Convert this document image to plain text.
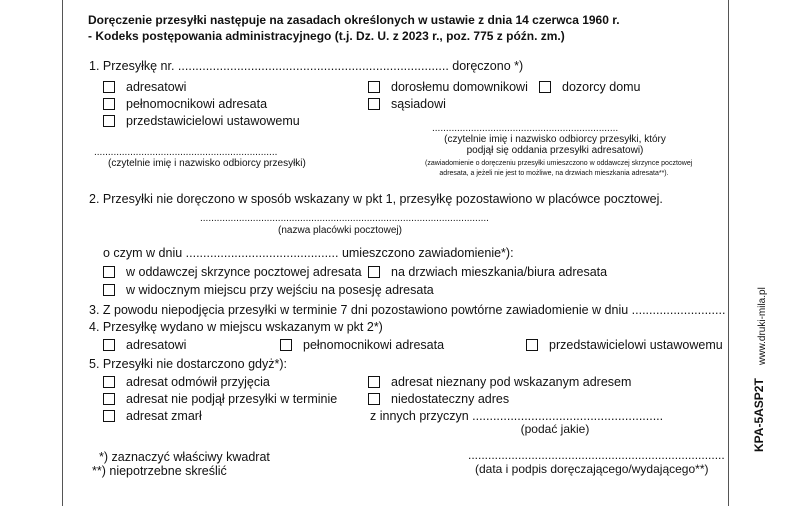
Doręczenie przesyłki następuje na zasadach określonych w ustawie z dnia 14 czerwca 1960 r.
- Kodeks postępowania administracyjnego (t.j. Dz. U. z 2023 r., poz. 775 z późn. zm.)
1. Przesyłkę nr. .............................................................................. doręczono *)
adresatowi
pełnomocnikowi adresata
przedstawicielowi ustawowemu
dorosłemu domownikowi	dozorcy domu
sąsiadowi
..................................................................
(czytelnie imię i nazwisko odbiorcy przesyłki)
...................................................................
(czytelnie imię i nazwisko odbiorcy przesyłki, który
podjął się oddania przesyłki adresatowi)
(zawiadomienie o doręczeniu przesyłki umieszczono w oddawczej skrzynce pocztowej
adresata, a jeżeli nie jest to możliwe, na drzwiach mieszkania adresata**).
2. Przesyłki nie doręczono w sposób wskazany w pkt 1, przesyłkę pozostawiono w placówce pocztowej.
........................................................................................................
(nazwa placówki pocztowej)
o czym w dniu ............................................ umieszczono zawiadomienie*):
w oddawczej skrzynce pocztowej adresata na drzwiach mieszkania/biura adresata
w widocznym miejscu przy wejściu na posesję adresata
3. Z powodu niepodjęcia przesyłki w terminie 7 dni pozostawiono powtórne zawiadomienie w dniu ...........................
4. Przesyłkę wydano w miejscu wskazanym w pkt 2*)
adresatowi	pełnomocnikowi adresata	przedstawicielowi ustawowemu
5. Przesyłki nie dostarczono gdyż*):
adresat odmówił przyjęcia
adresat nie podjął przesyłki w terminie
adresat zmarł
adresat nieznany pod wskazanym adresem
niedostateczny adres
z innych przyczyn .......................................................
(podać jakie)
*) zaznaczyć właściwy kwadrat
**) niepotrzebne skreślić
.............................................................................
(data i podpis doręczającego/wydającego**)
KPA-5ASP2T
www.druki-mila.pl
